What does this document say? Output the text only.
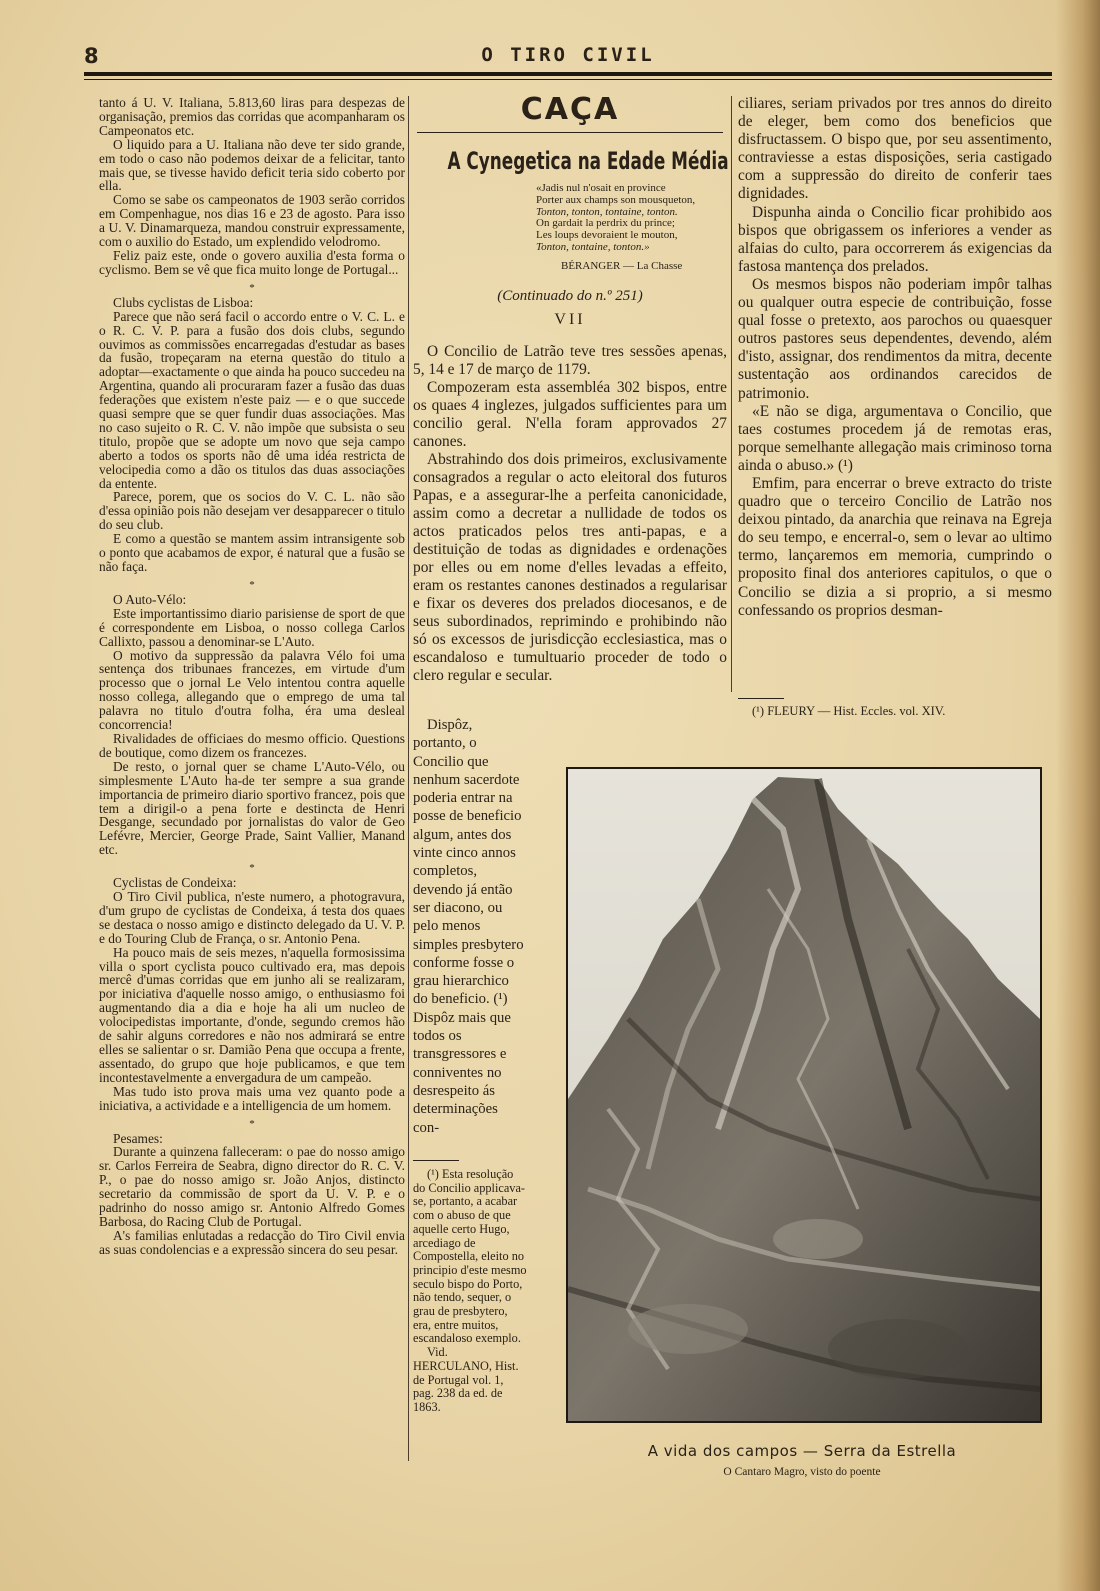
8	O TIRO CIVIL

tanto á U. V. Italiana, 5.813,60 liras para despezas de organisação, premios das corridas que acompanharam os Campeonatos etc.

O liquido para a U. Italiana não deve ter sido grande, em todo o caso não podemos deixar de a felicitar, tanto mais que, se tivesse havido deficit teria sido coberto por ella.

Como se sabe os campeonatos de 1903 serão corridos em Compenhague, nos dias 16 e 23 de agosto. Para isso a U. V. Dinamarqueza, mandou construir expressamente, com o auxilio do Estado, um explendido velodromo.

Feliz paiz este, onde o govero auxilia d'esta forma o cyclismo. Bem se vê que fica muito longe de Portugal...

*

Clubs cyclistas de Lisboa:

Parece que não será facil o accordo entre o V. C. L. e o R. C. V. P. para a fusão dos dois clubs, segundo ouvimos as commissões encarregadas d'estudar as bases da fusão, tropeçaram na eterna questão do titulo a adoptar—exactamente o que ainda ha pouco succedeu na Argentina, quando ali procuraram fazer a fusão das duas federações que existem n'este paiz — e o que succede quasi sempre que se quer fundir duas associações. Mas no caso sujeito o R. C. V. não impõe que subsista o seu titulo, propõe que se adopte um novo que seja campo aberto a todos os sports não dê uma idéa restricta de velocipedia como a dão os titulos das duas associações da entente.

Parece, porem, que os socios do V. C. L. não são d'essa opinião pois não desejam ver desapparecer o titulo do seu club.

E como a questão se mantem assim intransigente sob o ponto que acabamos de expor, é natural que a fusão se não faça.

*

O Auto-Vélo:

Este importantissimo diario parisiense de sport de que é correspondente em Lisboa, o nosso collega Carlos Callixto, passou a denominar-se L'Auto.

O motivo da suppressão da palavra Vélo foi uma sentença dos tribunaes francezes, em virtude d'um processo que o jornal Le Velo intentou contra aquelle nosso collega, allegando que o emprego de uma tal palavra no titulo d'outra folha, éra uma desleal concorrencia!

Rivalidades de officiaes do mesmo officio. Questions de boutique, como dizem os francezes.

De resto, o jornal quer se chame L'Auto-Vélo, ou simplesmente L'Auto ha-de ter sempre a sua grande importancia de primeiro diario sportivo francez, pois que tem a dirigil-o a pena forte e destincta de Henri Desgange, secundado por jornalistas do valor de Geo Lefévre, Mercier, George Prade, Saint Vallier, Manand etc.

*

Cyclistas de Condeixa:

O Tiro Civil publica, n'este numero, a photogravura, d'um grupo de cyclistas de Condeixa, á testa dos quaes se destaca o nosso amigo e distincto delegado da U. V. P. e do Touring Club de França, o sr. Antonio Pena.

Ha pouco mais de seis mezes, n'aquella formosissima villa o sport cyclista pouco cultivado era, mas depois mercê d'umas corridas que em junho ali se realizaram, por iniciativa d'aquelle nosso amigo, o enthusiasmo foi augmentando dia a dia e hoje ha ali um nucleo de volocipedistas importante, d'onde, segundo cremos hão de sahir alguns corredores e não nos admirará se entre elles se salientar o sr. Damião Pena que occupa a frente, assentado, do grupo que hoje publicamos, e que tem incontestavelmente a envergadura de um campeão.

Mas tudo isto prova mais uma vez quanto pode a iniciativa, a actividade e a intelligencia de um homem.

*

Pesames:

Durante a quinzena falleceram: o pae do nosso amigo sr. Carlos Ferreira de Seabra, digno director do R. C. V. P., o pae do nosso amigo sr. João Anjos, distincto secretario da commissão de sport da U. V. P. e o padrinho do nosso amigo sr. Antonio Alfredo Gomes Barbosa, do Racing Club de Portugal.

A's familias enlutadas a redacção do Tiro Civil envia as suas condolencias e a expressão sincera do seu pesar.

CAÇA
A Cynegetica na Edade Média
«Jadis nul n'osait en province
Porter aux champs son mousqueton,
Tonton, tonton, tontaine, tonton.
On gardait la perdrix du prince;
Les loups devoraient le mouton,
Tonton, tontaine, tonton.»
BÉRANGER — La Chasse
(Continuado do n.º 251)
VII

O Concilio de Latrão teve tres sessões apenas, 5, 14 e 17 de março de 1179.

Compozeram esta assembléa 302 bispos, entre os quaes 4 inglezes, julgados sufficientes para um concilio geral. N'ella foram approvados 27 canones.

Abstrahindo dos dois primeiros, exclusivamente consagrados a regular o acto eleitoral dos futuros Papas, e a assegurar-lhe a perfeita canonicidade, assim como a decretar a nullidade de todos os actos praticados pelos tres anti-papas, e a destituição de todas as dignidades e ordenações por elles ou em nome d'elles levadas a effeito, eram os restantes canones destinados a regularisar e fixar os deveres dos prelados diocesanos, e de seus subordinados, reprimindo e prohibindo não só os excessos de jurisdicção ecclesiastica, mas o escandaloso e tumultuario proceder de todo o clero regular e secular.

Dispôz, portanto, o Concilio que nenhum sacerdote poderia entrar na posse de beneficio algum, antes dos vinte cinco annos completos, devendo já então ser diacono, ou pelo menos simples presbytero conforme fosse o grau hierarchico do beneficio. (¹) Dispôz mais que todos os transgressores e conniventes no desrespeito ás determinações con-

(¹) Esta resolução do Concilio applicava-se, portanto, a acabar com o abuso de que aquelle certo Hugo, arcediago de Compostella, eleito no principio d'este mesmo seculo bispo do Porto, não tendo, sequer, o grau de presbytero, era, entre muitos, escandaloso exemplo.

Vid. HERCULANO, Hist. de Portugal vol. 1, pag. 238 da ed. de 1863.

ciliares, seriam privados por tres annos do direito de eleger, bem como dos beneficios que disfructassem. O bispo que, por seu assentimento, contraviesse a estas disposições, seria castigado com a suppressão do direito de conferir taes dignidades.

Dispunha ainda o Concilio ficar prohibido aos bispos que obrigassem os inferiores a vender as alfaias do culto, para occorrerem ás exigencias da fastosa mantença dos prelados.

Os mesmos bispos não poderiam impôr talhas ou qualquer outra especie de contribuição, fosse qual fosse o pretexto, aos parochos ou quaesquer outros pastores seus dependentes, devendo, além d'isto, assignar, dos rendimentos da mitra, decente sustentação aos ordinandos carecidos de patrimonio.

«E não se diga, argumentava o Concilio, que taes costumes procedem já de remotas eras, porque semelhante allegação mais criminoso torna ainda o abuso.» (¹)

Emfim, para encerrar o breve extracto do triste quadro que o terceiro Concilio de Latrão nos deixou pintado, da anarchia que reinava na Egreja do seu tempo, e encerral-o, sem o levar ao ultimo termo, lançaremos em memoria, cumprindo o proposito final dos anteriores capitulos, o que o Concilio se dizia a si proprio, a si mesmo confessando os proprios desman-

(¹) FLEURY — Hist. Eccles. vol. XIV.
A vida dos campos — Serra da Estrella
O Cantaro Magro, visto do poente
